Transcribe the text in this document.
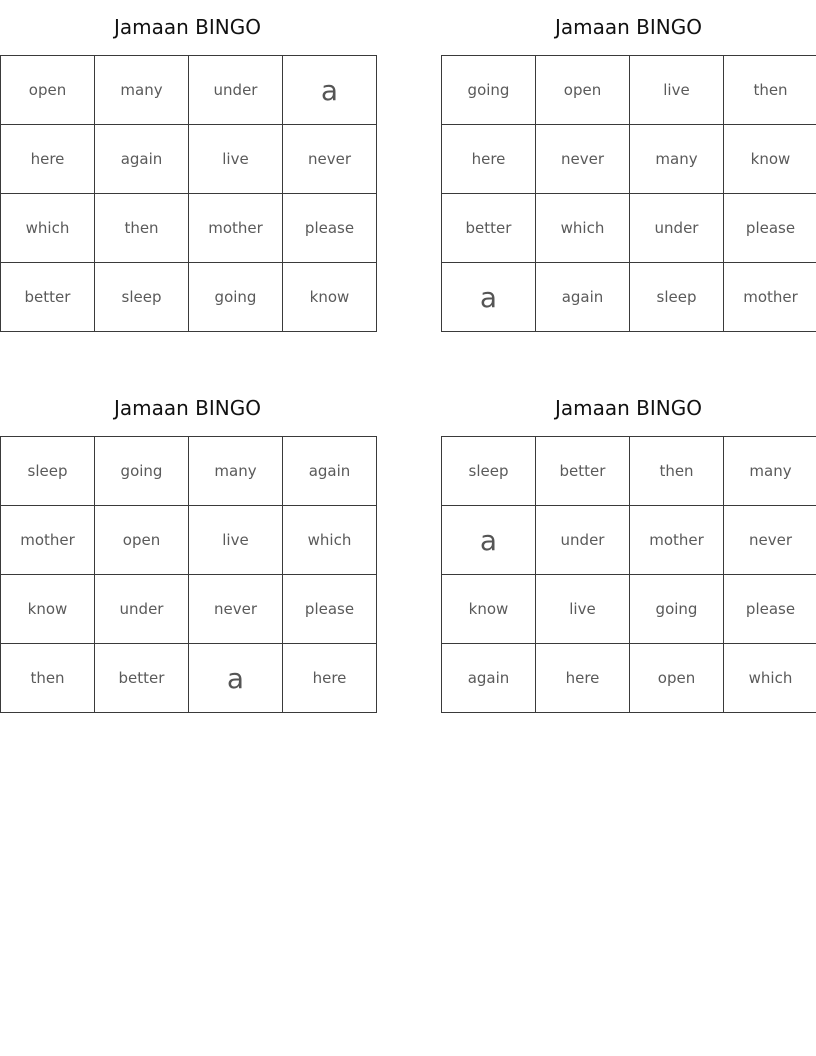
Jamaan BINGO
open	many	under	a
here	again	live	never
which	then	mother	please
better	sleep	going	know
Jamaan BINGO
going	open	live	then
here	never	many	know
better	which	under	please
a	again	sleep	mother
Jamaan BINGO
sleep	going	many	again
mother	open	live	which
know	under	never	please
then	better	a	here
Jamaan BINGO
sleep	better	then	many
a	under	mother	never
know	live	going	please
again	here	open	which
